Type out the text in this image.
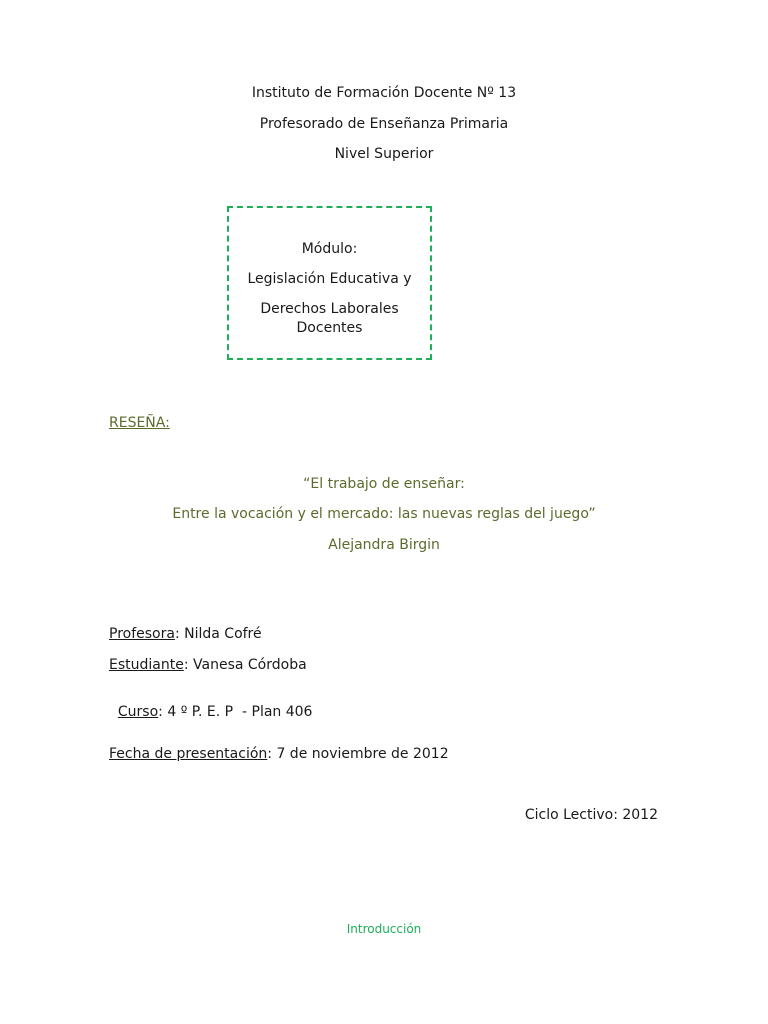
Instituto de Formación Docente Nº 13
Profesorado de Enseñanza Primaria
Nivel Superior
Módulo:
Legislación Educativa y
Derechos Laborales
Docentes
RESEÑA:
“El trabajo de enseñar:
Entre la vocación y el mercado: las nuevas reglas del juego”
Alejandra Birgin
Profesora: Nilda Cofré
Estudiante: Vanesa Córdoba

Curso: 4 º P. E. P  - Plan 406

Fecha de presentación: 7 de noviembre de 2012
Ciclo Lectivo: 2012
Introducción
